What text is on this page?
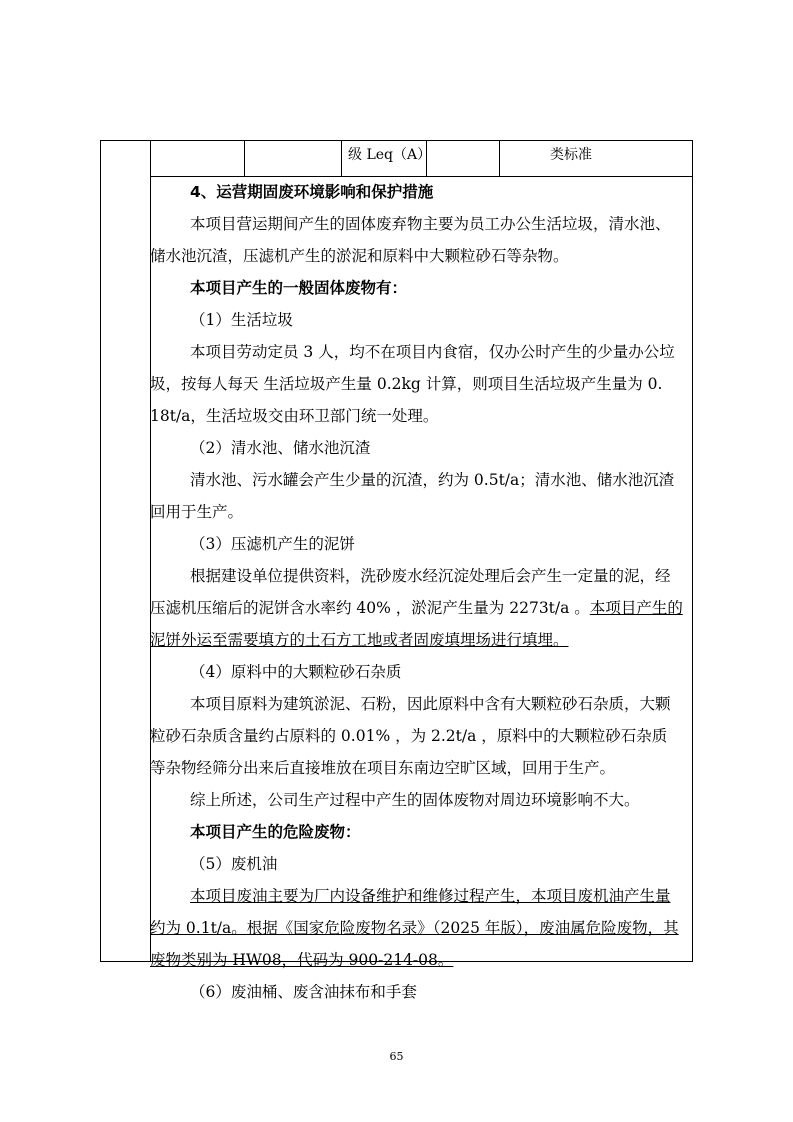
级 Leq（A）	类标准
4、运营期固废环境影响和保护措施
本项目营运期间产生的固体废弃物主要为员工办公生活垃圾，清水池、
储水池沉渣，压滤机产生的淤泥和原料中大颗粒砂石等杂物。
本项目产生的一般固体废物有：
（1）生活垃圾
本项目劳动定员 3 人，均不在项目内食宿，仅办公时产生的少量办公垃
圾，按每人每天 生活垃圾产生量 0.2kg 计算，则项目生活垃圾产生量为 0.
18t/a，生活垃圾交由环卫部门统一处理。
（2）清水池、储水池沉渣
清水池、污水罐会产生少量的沉渣，约为 0.5t/a；清水池、储水池沉渣
回用于生产。
（3）压滤机产生的泥饼
根据建设单位提供资料，洗砂废水经沉淀处理后会产生一定量的泥，经
压滤机压缩后的泥饼含水率约 40% ，淤泥产生量为 2273t/a 。本项目产生的
泥饼外运至需要填方的土石方工地或者固废填埋场进行填埋。
（4）原料中的大颗粒砂石杂质
本项目原料为建筑淤泥、石粉，因此原料中含有大颗粒砂石杂质，大颗
粒砂石杂质含量约占原料的 0.01% ，为 2.2t/a ，原料中的大颗粒砂石杂质
等杂物经筛分出来后直接堆放在项目东南边空旷区域，回用于生产。
综上所述，公司生产过程中产生的固体废物对周边环境影响不大。
本项目产生的危险废物：
（5）废机油
本项目废油主要为厂内设备维护和维修过程产生，本项目废机油产生量
约为 0.1t/a。根据《国家危险废物名录》（2025 年版），废油属危险废物，其
废物类别为 HW08，代码为 900-214-08。
（6）废油桶、废含油抹布和手套
65
